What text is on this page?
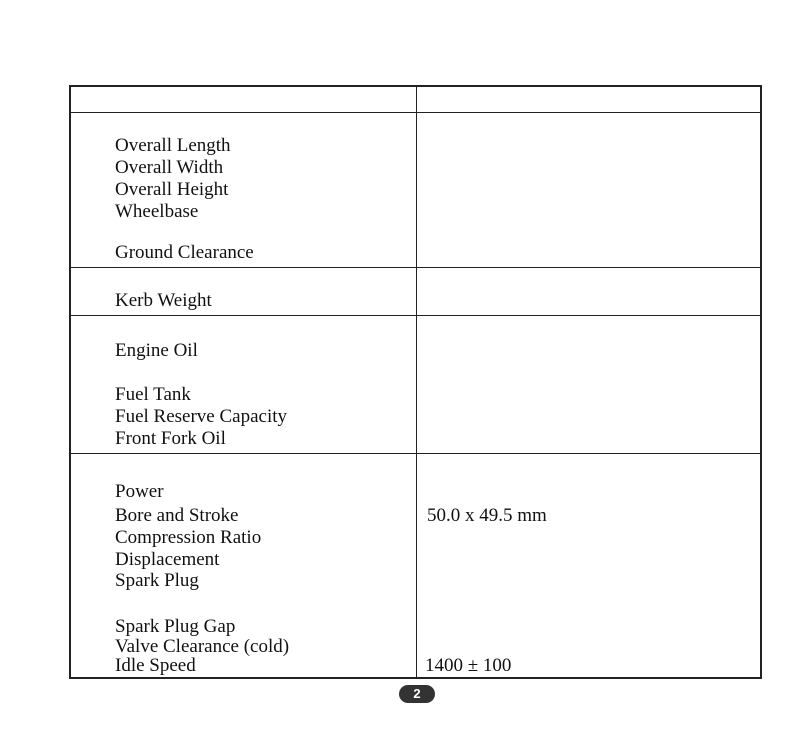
Overall Length
Overall Width
Overall Height
Wheelbase
Ground Clearance
Kerb Weight
Engine Oil
Fuel Tank
Fuel Reserve Capacity
Front Fork Oil
Power
Bore and Stroke	50.0 x 49.5 mm
Compression Ratio
Displacement
Spark Plug
Spark Plug Gap
Valve Clearance (cold)
Idle Speed	1400 ± 100
2
